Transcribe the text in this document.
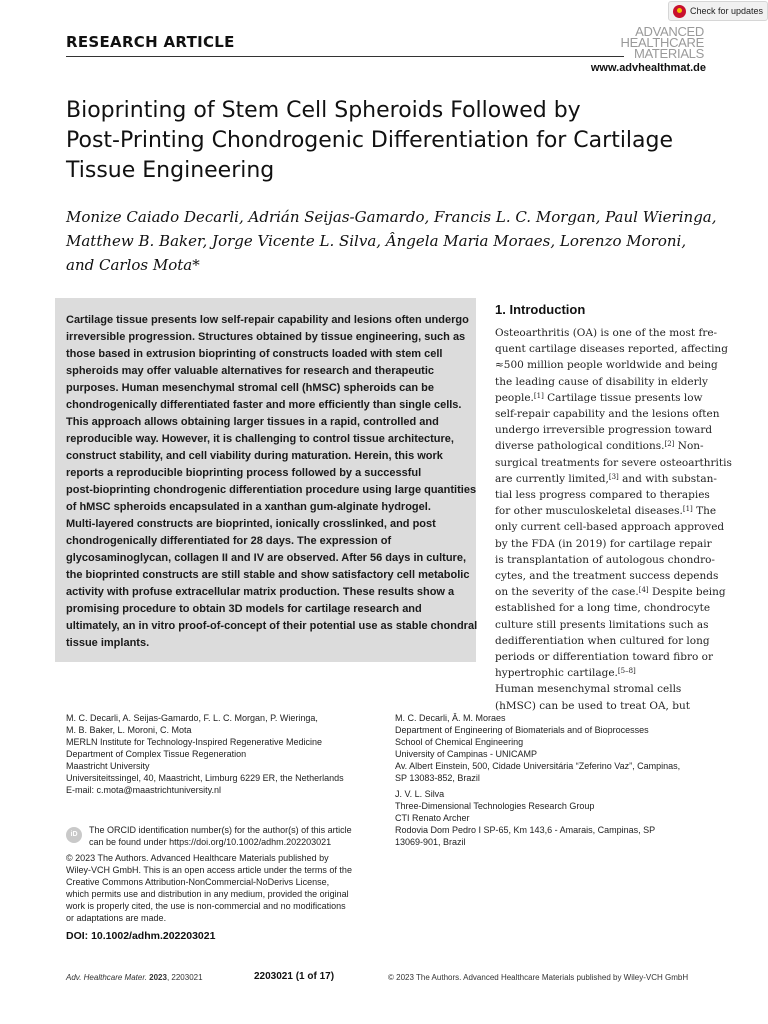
Check for updates
RESEARCH ARTICLE
ADVANCED
HEALTHCARE
MATERIALS
www.advhealthmat.de
Bioprinting of Stem Cell Spheroids Followed by
Post-Printing Chondrogenic Differentiation for Cartilage
Tissue Engineering
Monize Caiado Decarli, Adrián Seijas-Gamardo, Francis L. C. Morgan, Paul Wieringa,
Matthew B. Baker, Jorge Vicente L. Silva, Ângela Maria Moraes, Lorenzo Moroni,
and Carlos Mota*
Cartilage tissue presents low self-repair capability and lesions often undergo
irreversible progression. Structures obtained by tissue engineering, such as
those based in extrusion bioprinting of constructs loaded with stem cell
spheroids may offer valuable alternatives for research and therapeutic
purposes. Human mesenchymal stromal cell (hMSC) spheroids can be
chondrogenically differentiated faster and more efficiently than single cells.
This approach allows obtaining larger tissues in a rapid, controlled and
reproducible way. However, it is challenging to control tissue architecture,
construct stability, and cell viability during maturation. Herein, this work
reports a reproducible bioprinting process followed by a successful
post-bioprinting chondrogenic differentiation procedure using large quantities
of hMSC spheroids encapsulated in a xanthan gum-alginate hydrogel.
Multi-layered constructs are bioprinted, ionically crosslinked, and post
chondrogenically differentiated for 28 days. The expression of
glycosaminoglycan, collagen II and IV are observed. After 56 days in culture,
the bioprinted constructs are still stable and show satisfactory cell metabolic
activity with profuse extracellular matrix production. These results show a
promising procedure to obtain 3D models for cartilage research and
ultimately, an in vitro proof-of-concept of their potential use as stable chondral
tissue implants.
1. Introduction
Osteoarthritis (OA) is one of the most fre-
quent cartilage diseases reported, affecting
≈500 million people worldwide and being
the leading cause of disability in elderly
people.[1] Cartilage tissue presents low
self-repair capability and the lesions often
undergo irreversible progression toward
diverse pathological conditions.[2] Non-
surgical treatments for severe osteoarthritis
are currently limited,[3] and with substan-
tial less progress compared to therapies
for other musculoskeletal diseases.[1] The
only current cell-based approach approved
by the FDA (in 2019) for cartilage repair
is transplantation of autologous chondro-
cytes, and the treatment success depends
on the severity of the case.[4] Despite being
established for a long time, chondrocyte
culture still presents limitations such as
dedifferentiation when cultured for long
periods or differentiation toward fibro or
hypertrophic cartilage.[5–8]
Human mesenchymal stromal cells
(hMSC) can be used to treat OA, but
M. C. Decarli, A. Seijas-Gamardo, F. L. C. Morgan, P. Wieringa,
M. B. Baker, L. Moroni, C. Mota
MERLN Institute for Technology-Inspired Regenerative Medicine
Department of Complex Tissue Regeneration
Maastricht University
Universiteitssingel, 40, Maastricht, Limburg 6229 ER, the Netherlands
E-mail: c.mota@maastrichtuniversity.nl
M. C. Decarli, Â. M. Moraes
Department of Engineering of Biomaterials and of Bioprocesses
School of Chemical Engineering
University of Campinas - UNICAMP
Av. Albert Einstein, 500, Cidade Universitária “Zeferino Vaz”, Campinas,
SP 13083-852, Brazil
J. V. L. Silva
Three-Dimensional Technologies Research Group
CTI Renato Archer
Rodovia Dom Pedro I SP-65, Km 143,6 - Amarais, Campinas, SP
13069-901, Brazil
iD	The ORCID identification number(s) for the author(s) of this article
can be found under https://doi.org/10.1002/adhm.202203021
© 2023 The Authors. Advanced Healthcare Materials published by
Wiley-VCH GmbH. This is an open access article under the terms of the
Creative Commons Attribution-NonCommercial-NoDerivs License,
which permits use and distribution in any medium, provided the original
work is properly cited, the use is non-commercial and no modifications
or adaptations are made.
DOI: 10.1002/adhm.202203021
Adv. Healthcare Mater. 2023, 2203021	2203021 (1 of 17)	© 2023 The Authors. Advanced Healthcare Materials published by Wiley-VCH GmbH
